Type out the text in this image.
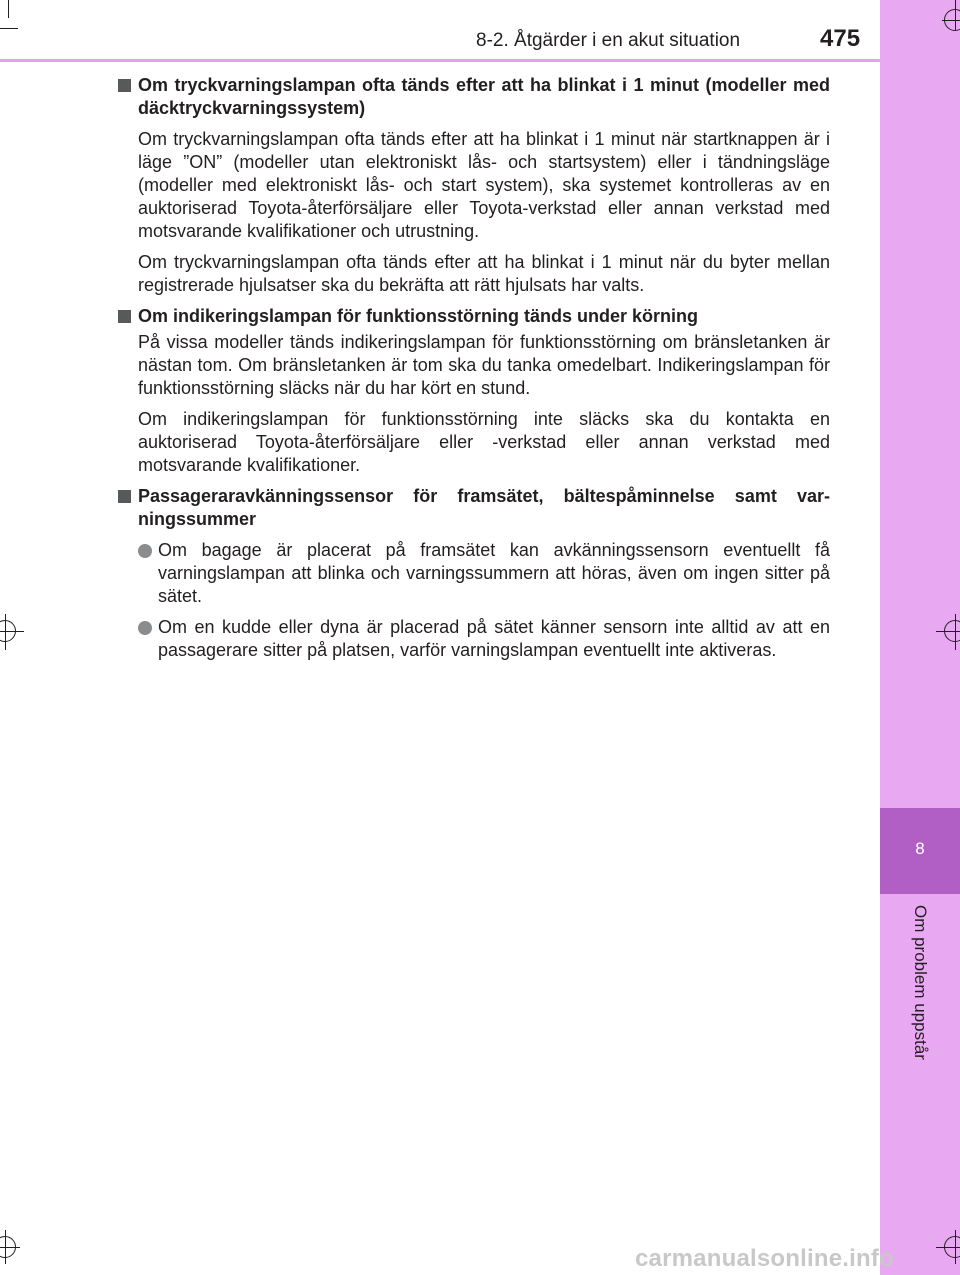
8-2. Åtgärder i en akut situation	475
8
Om problem uppstår
Om tryckvarningslampan ofta tänds efter att ha blinkat i 1 minut (modeller med däcktryckvarningssystem)
Om tryckvarningslampan ofta tänds efter att ha blinkat i 1 minut när startknappen är i läge ”ON” (modeller utan elektroniskt lås- och startsystem) eller i tändningsläge (modeller med elektroniskt lås- och start system), ska systemet kontrolleras av en auktoriserad Toyota-återförsäljare eller Toyota-verkstad eller annan verkstad med motsvarande kvalifikationer och utrustning.
Om tryckvarningslampan ofta tänds efter att ha blinkat i 1 minut när du byter mellan registrerade hjulsatser ska du bekräfta att rätt hjulsats har valts.
Om indikeringslampan för funktionsstörning tänds under körning
På vissa modeller tänds indikeringslampan för funktionsstörning om bränsletanken är nästan tom. Om bränsletanken är tom ska du tanka omedelbart. Indikeringslampan för funktionsstörning släcks när du har kört en stund.
Om indikeringslampan för funktionsstörning inte släcks ska du kontakta en auktoriserad Toyota-återförsäljare eller -verkstad eller annan verkstad med motsvarande kvalifikationer.
Passageraravkänningssensor för framsätet, bältespåminnelse samt varningssummer
Om bagage är placerat på framsätet kan avkänningssensorn eventuellt få varningslampan att blinka och varningssummern att höras, även om ingen sitter på sätet.
Om en kudde eller dyna är placerad på sätet känner sensorn inte alltid av att en passagerare sitter på platsen, varför varningslampan eventuellt inte aktiveras.
carmanualsonline.info
